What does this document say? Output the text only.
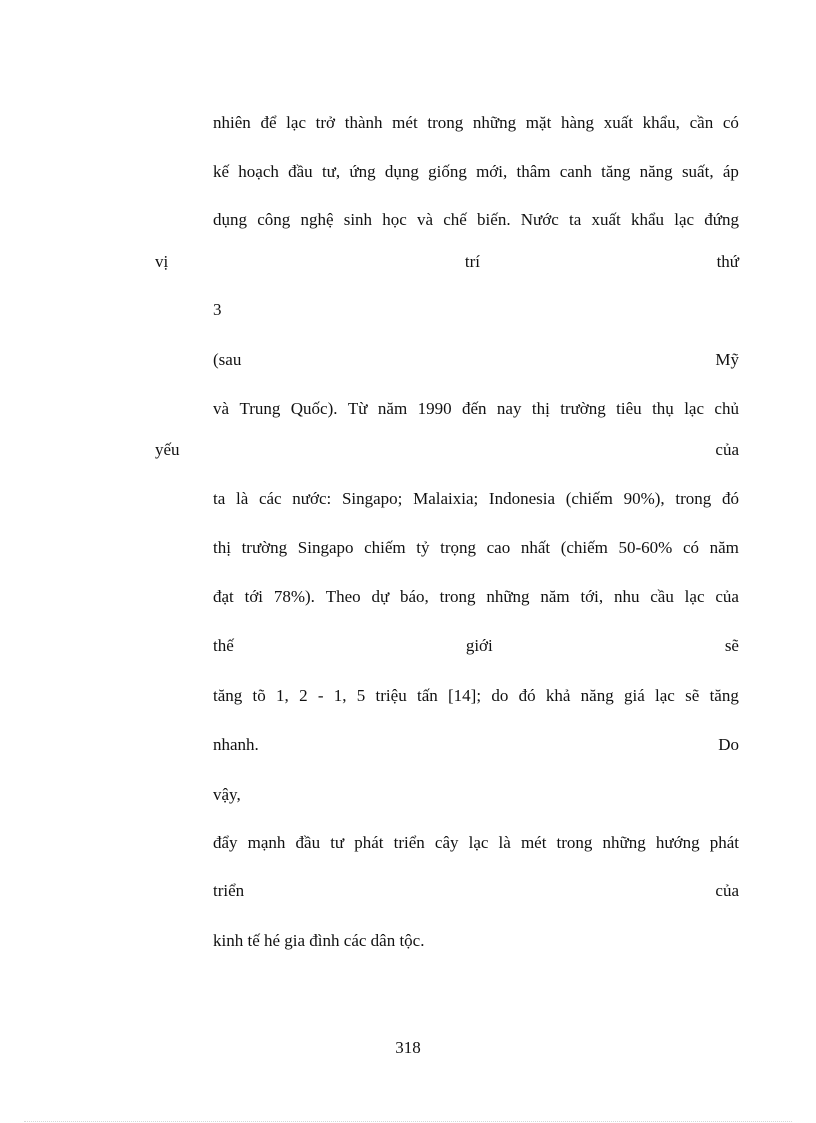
nhiên để lạc trở thành mét trong những mặt hàng xuất khẩu, cần có
kế hoạch đầu tư, ứng dụng giống mới, thâm canh tăng năng suất, áp
dụng công nghệ sinh học và chế biến. Nước ta xuất khẩu lạc đứng
vị	trí	thứ
3
(sau	Mỹ
và Trung Quốc). Từ năm 1990 đến nay thị trường tiêu thụ lạc chủ
yếu	của
ta là các nước: Singapo; Malaixia; Indonesia (chiếm 90%), trong đó
thị trường Singapo chiếm tỷ trọng cao nhất (chiếm 50-60% có năm
đạt tới 78%). Theo dự báo, trong những năm tới, nhu cầu lạc của
thế	giới	sẽ
tăng tõ 1, 2 - 1, 5 triệu tấn [14]; do đó khả năng giá lạc sẽ tăng
nhanh.	Do
vậy,
đẩy mạnh đầu tư phát triển cây lạc là mét trong những hướng phát
triển	của
kinh tế hé gia đình các dân tộc.
318
